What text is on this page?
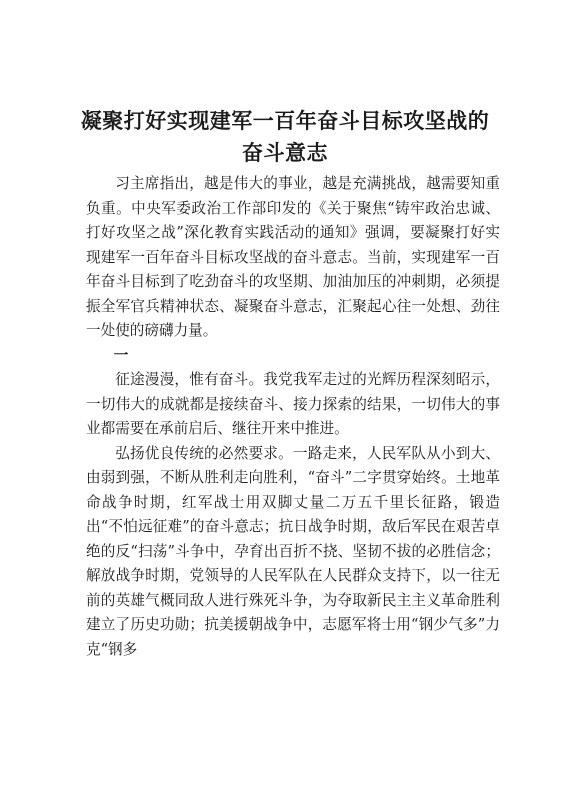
凝聚打好实现建军一百年奋斗目标攻坚战的
奋斗意志

习主席指出，越是伟大的事业，越是充满挑战，越需要知重负重。中央军委政治工作部印发的《关于聚焦“铸牢政治忠诚、打好攻坚之战”深化教育实践活动的通知》强调，要凝聚打好实现建军一百年奋斗目标攻坚战的奋斗意志。当前，实现建军一百年奋斗目标到了吃劲奋斗的攻坚期、加油加压的冲刺期，必须提振全军官兵精神状态、凝聚奋斗意志，汇聚起心往一处想、劲往一处使的磅礴力量。

一

征途漫漫，惟有奋斗。我党我军走过的光辉历程深刻昭示，一切伟大的成就都是接续奋斗、接力探索的结果，一切伟大的事业都需要在承前启后、继往开来中推进。

弘扬优良传统的必然要求。一路走来，人民军队从小到大、由弱到强，不断从胜利走向胜利，“奋斗”二字贯穿始终。土地革命战争时期，红军战士用双脚丈量二万五千里长征路，锻造出“不怕远征难”的奋斗意志；抗日战争时期，敌后军民在艰苦卓绝的反“扫荡”斗争中，孕育出百折不挠、坚韧不拔的必胜信念；解放战争时期，党领导的人民军队在人民群众支持下，以一往无前的英雄气概同敌人进行殊死斗争，为夺取新民主主义革命胜利建立了历史功勋；抗美援朝战争中，志愿军将士用“钢少气多”力克“钢多
